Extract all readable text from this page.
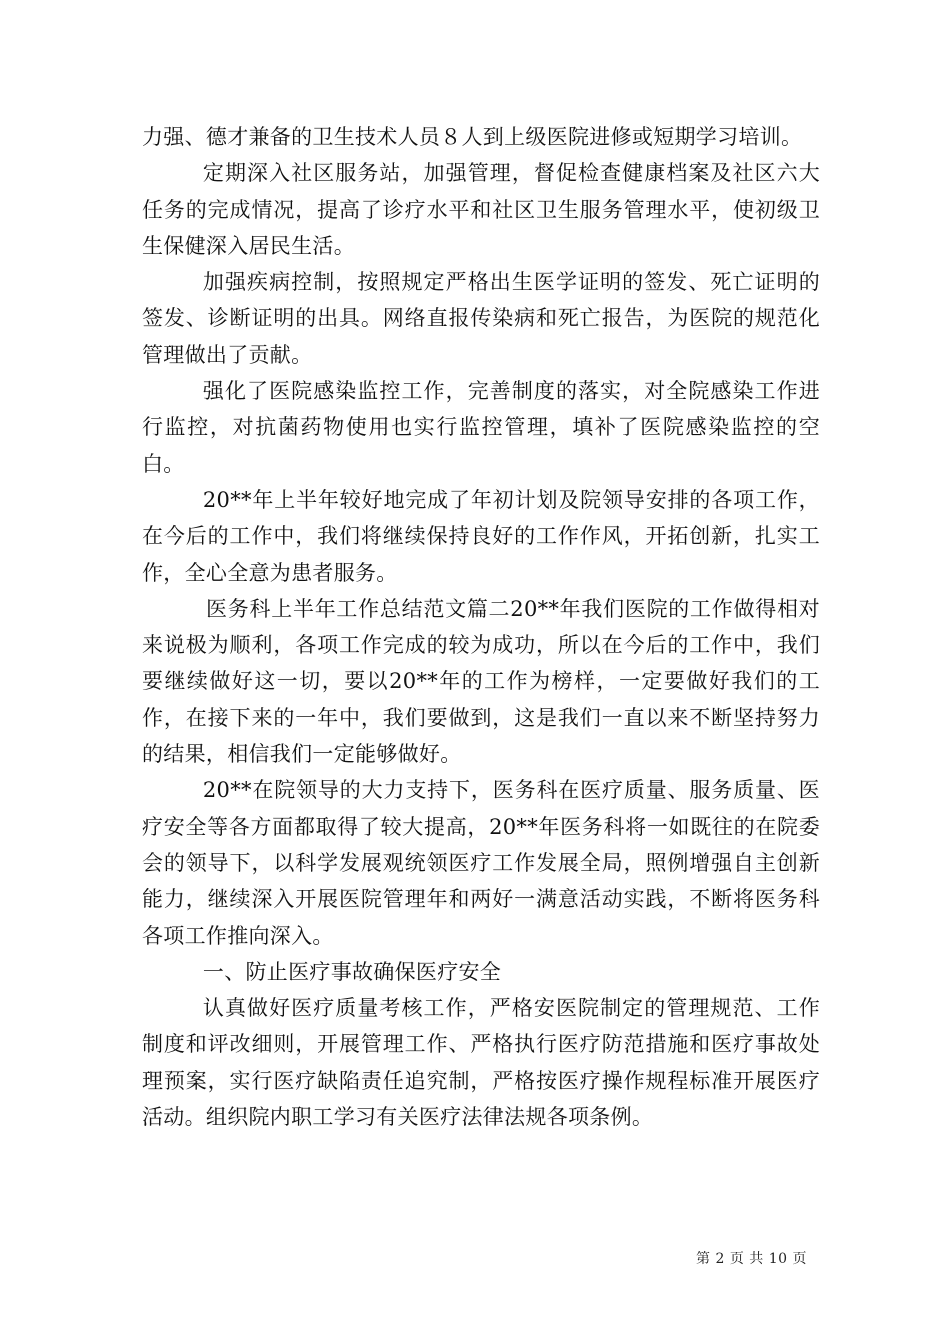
力强、德才兼备的卫生技术人员８人到上级医院进修或短期学习培训。

定期深入社区服务站，加强管理，督促检查健康档案及社区六大任务的完成情况，提高了诊疗水平和社区卫生服务管理水平，使初级卫生保健深入居民生活。

加强疾病控制，按照规定严格出生医学证明的签发、死亡证明的签发、诊断证明的出具。网络直报传染病和死亡报告，为医院的规范化管理做出了贡献。

强化了医院感染监控工作，完善制度的落实，对全院感染工作进行监控，对抗菌药物使用也实行监控管理，填补了医院感染监控的空白。

20**年上半年较好地完成了年初计划及院领导安排的各项工作，在今后的工作中，我们将继续保持良好的工作作风，开拓创新，扎实工作，全心全意为患者服务。

医务科上半年工作总结范文篇二20**年我们医院的工作做得相对来说极为顺利，各项工作完成的较为成功，所以在今后的工作中，我们要继续做好这一切，要以20**年的工作为榜样，一定要做好我们的工作，在接下来的一年中，我们要做到，这是我们一直以来不断坚持努力的结果，相信我们一定能够做好。

20**在院领导的大力支持下，医务科在医疗质量、服务质量、医疗安全等各方面都取得了较大提高，20**年医务科将一如既往的在院委会的领导下，以科学发展观统领医疗工作发展全局，照例增强自主创新能力，继续深入开展医院管理年和两好一满意活动实践，不断将医务科各项工作推向深入。

一、防止医疗事故确保医疗安全

认真做好医疗质量考核工作，严格安医院制定的管理规范、工作制度和评改细则，开展管理工作、严格执行医疗防范措施和医疗事故处理预案，实行医疗缺陷责任追究制，严格按医疗操作规程标准开展医疗活动。组织院内职工学习有关医疗法律法规各项条例。

第 2 页 共 10 页
